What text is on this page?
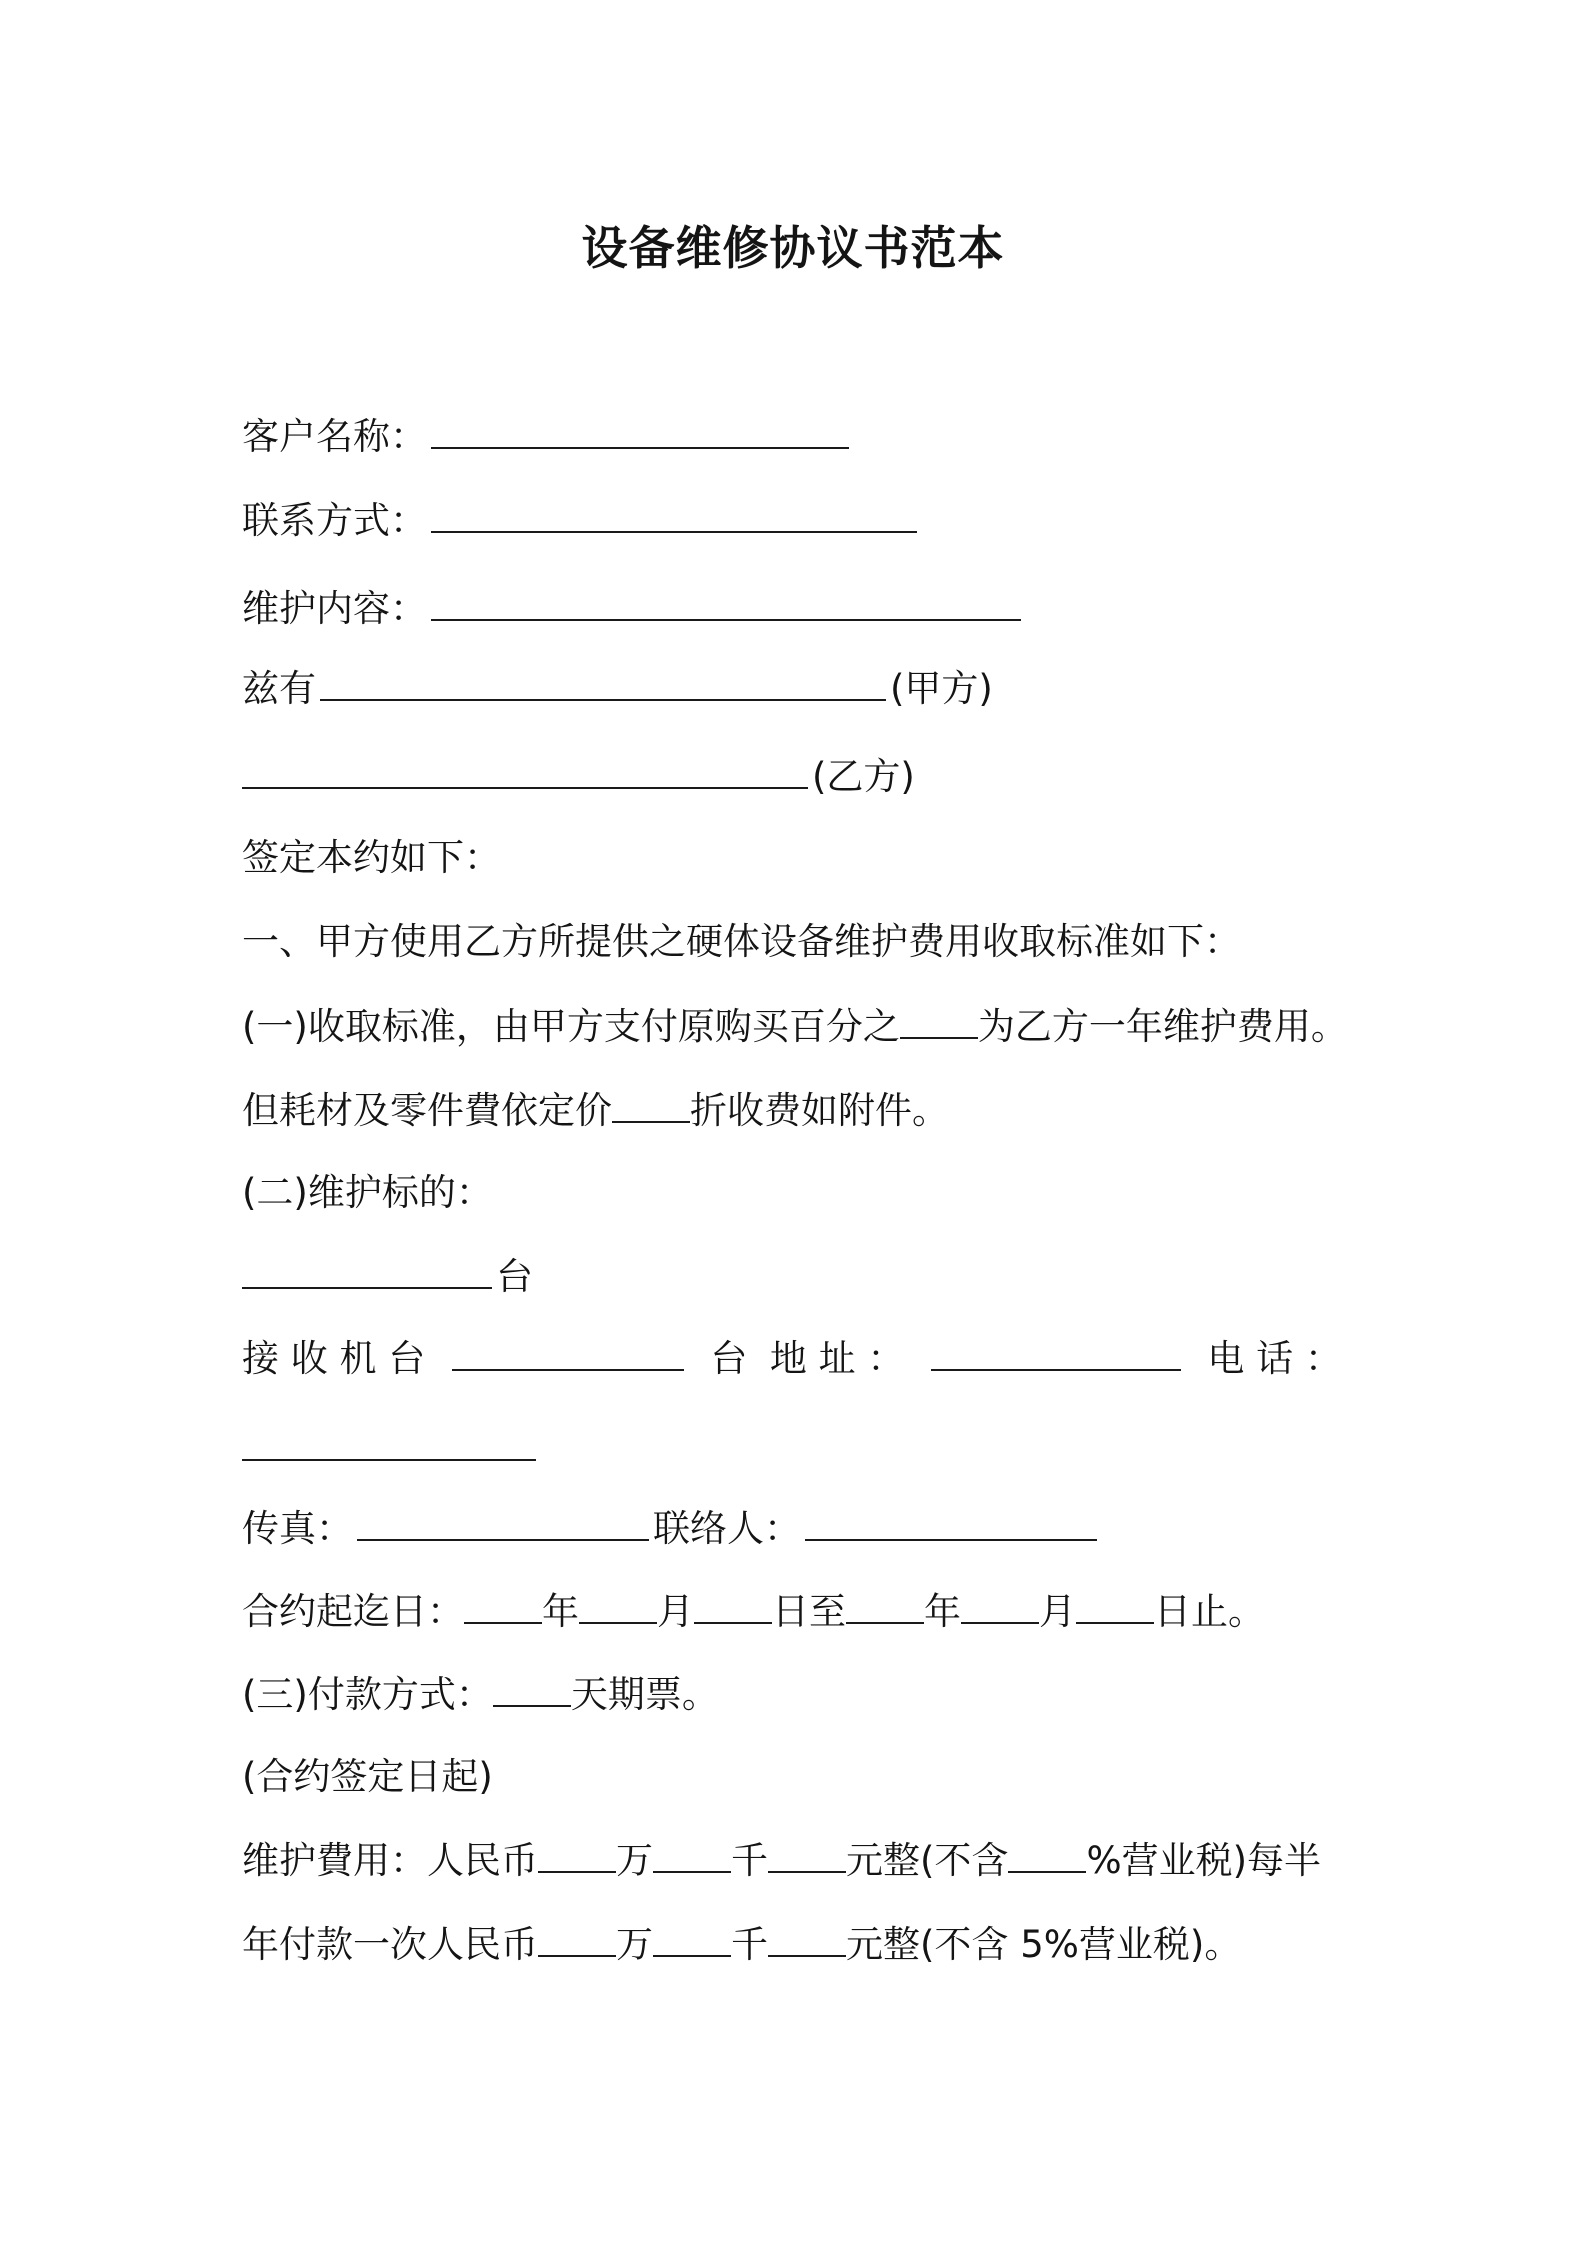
设备维修协议书范本
客户名称：
联系方式：
维护内容：
兹有	(甲方)
(乙方)
签定本约如下：
一、甲方使用乙方所提供之硬体设备维护费用收取标准如下：
(一)收取标准，由甲方支付原购买百分之 为乙方一年维护费用。
但耗材及零件費依定价 折收费如附件。
(二)维护标的：
台
接 收 机 台	台 地 址 ：	电 话 ：
传真：	联络人：
合约起迄日： 年 月 日至 年 月 日止。
(三)付款方式： 天期票。
(合约签定日起)
维护費用：人民币 万 千 元整(不含 %营业税)每半
年付款一次人民币 万 千 元整(不含 5%营业税)。
